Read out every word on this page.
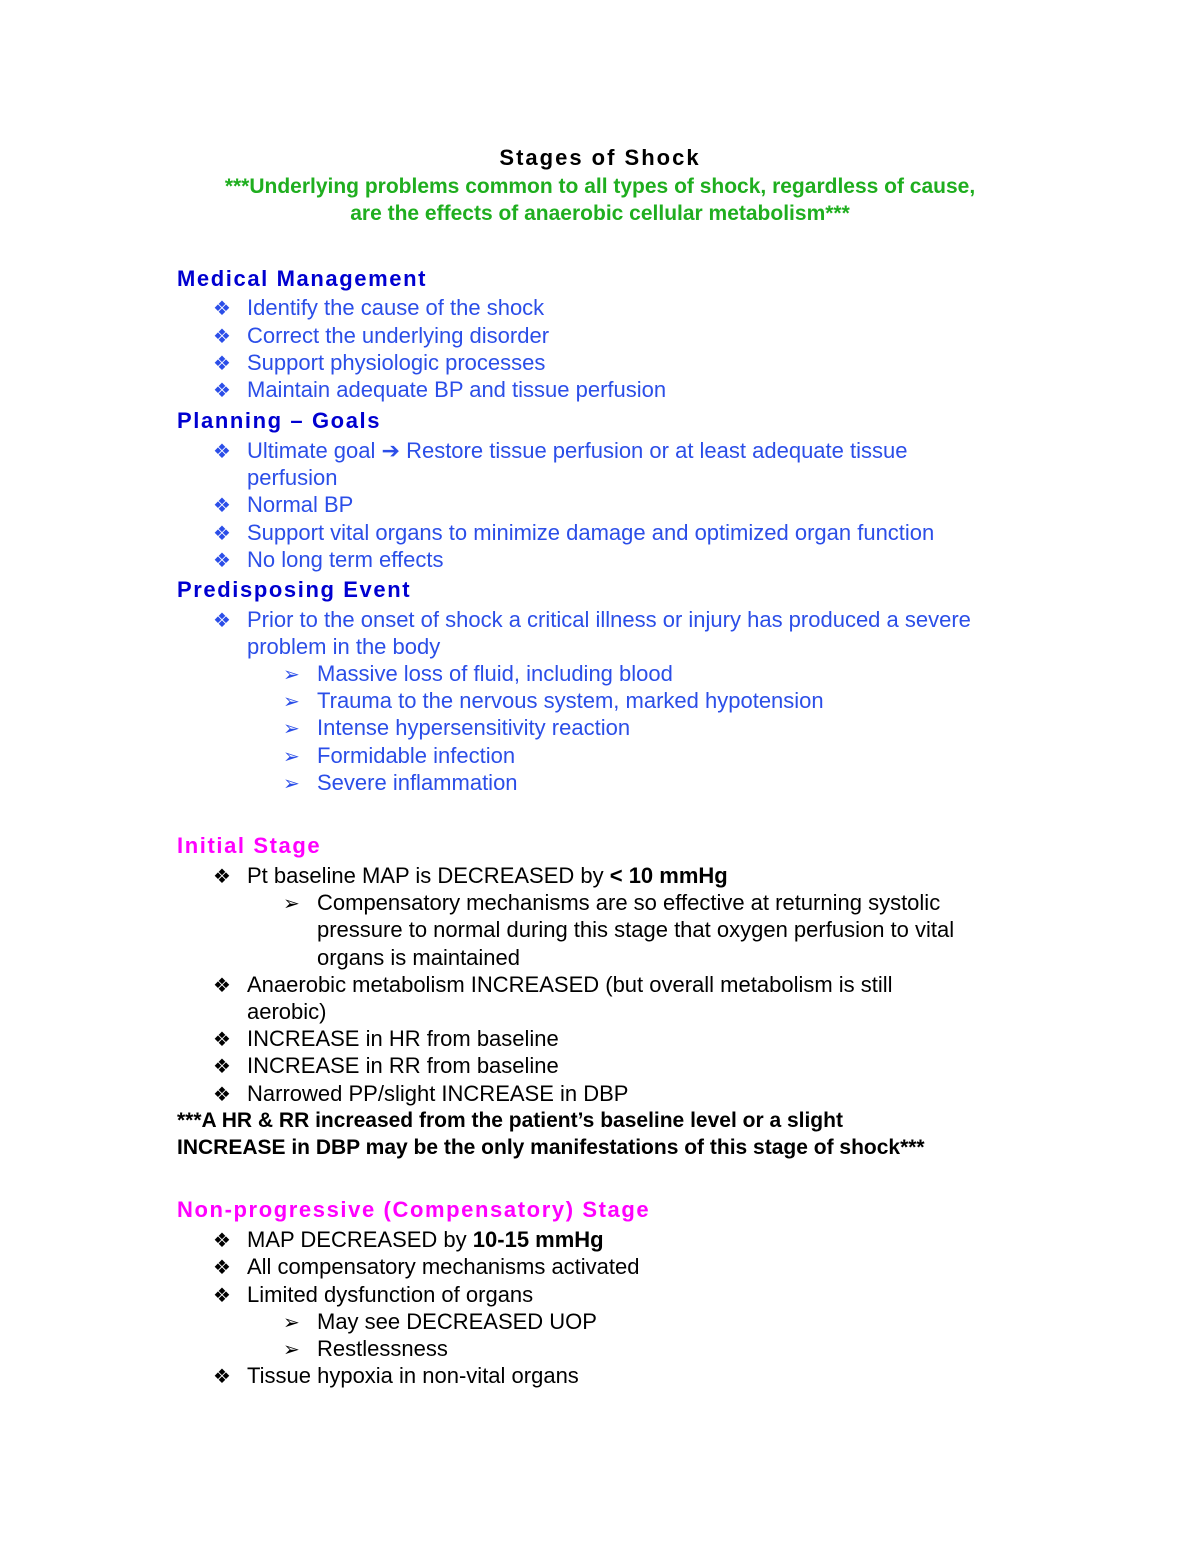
Stages of Shock
***Underlying problems common to all types of shock, regardless of cause,
are the effects of anaerobic cellular metabolism***
Medical Management
❖ Identify the cause of the shock
❖ Correct the underlying disorder
❖ Support physiologic processes
❖ Maintain adequate BP and tissue perfusion
Planning – Goals
❖ Ultimate goal ➔ Restore tissue perfusion or at least adequate tissue
perfusion
❖ Normal BP
❖ Support vital organs to minimize damage and optimized organ function
❖ No long term effects
Predisposing Event
❖ Prior to the onset of shock a critical illness or injury has produced a severe
problem in the body
➢ Massive loss of fluid, including blood
➢ Trauma to the nervous system, marked hypotension
➢ Intense hypersensitivity reaction
➢ Formidable infection
➢ Severe inflammation
Initial Stage
❖ Pt baseline MAP is DECREASED by < 10 mmHg
➢ Compensatory mechanisms are so effective at returning systolic
pressure to normal during this stage that oxygen perfusion to vital
organs is maintained
❖ Anaerobic metabolism INCREASED (but overall metabolism is still
aerobic)
❖ INCREASE in HR from baseline
❖ INCREASE in RR from baseline
❖ Narrowed PP/slight INCREASE in DBP
***A HR & RR increased from the patient’s baseline level or a slight
INCREASE in DBP may be the only manifestations of this stage of shock***
Non-progressive (Compensatory) Stage
❖ MAP DECREASED by 10-15 mmHg
❖ All compensatory mechanisms activated
❖ Limited dysfunction of organs
➢ May see DECREASED UOP
➢ Restlessness
❖ Tissue hypoxia in non-vital organs
